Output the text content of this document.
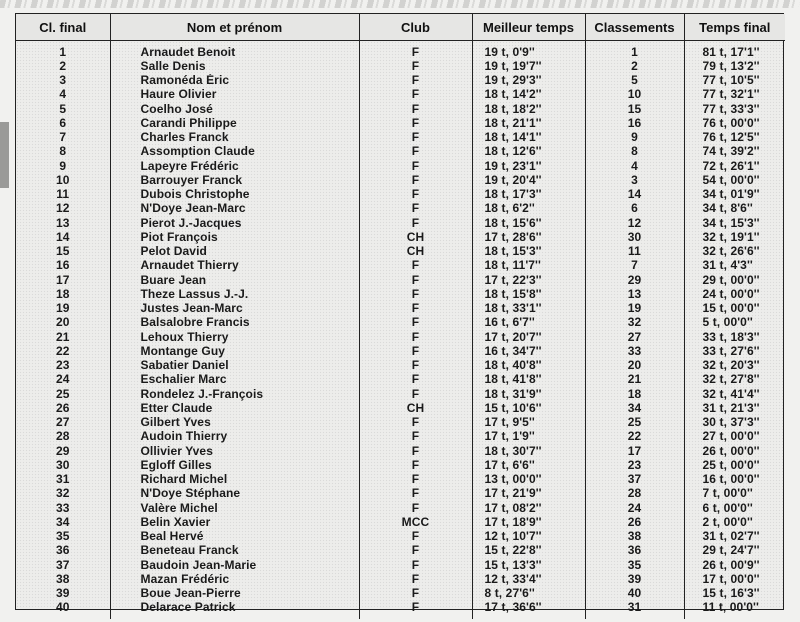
Cl. final	Nom et prénom	Club	Meilleur temps	Classements	Temps final
1	Arnaudet Benoit	F	19 t, 0'9''	1	81 t, 17'1''
2	Salle Denis	F	19 t, 19'7''	2	79 t, 13'2''
3	Ramonéda Éric	F	19 t, 29'3''	5	77 t, 10'5''
4	Haure Olivier	F	18 t, 14'2''	10	77 t, 32'1''
5	Coelho José	F	18 t, 18'2''	15	77 t, 33'3''
6	Carandi Philippe	F	18 t, 21'1''	16	76 t, 00'0''
7	Charles Franck	F	18 t, 14'1''	9	76 t, 12'5''
8	Assomption Claude	F	18 t, 12'6''	8	74 t, 39'2''
9	Lapeyre Frédéric	F	19 t, 23'1''	4	72 t, 26'1''
10	Barrouyer Franck	F	19 t, 20'4''	3	54 t, 00'0''
11	Dubois Christophe	F	18 t, 17'3''	14	34 t, 01'9''
12	N'Doye Jean-Marc	F	18 t, 6'2''	6	34 t, 8'6''
13	Pierot J.-Jacques	F	18 t, 15'6''	12	34 t, 15'3''
14	Piot François	CH	17 t, 28'6''	30	32 t, 19'1''
15	Pelot David	CH	18 t, 15'3''	11	32 t, 26'6''
16	Arnaudet Thierry	F	18 t, 11'7''	7	31 t, 4'3''
17	Buare Jean	F	17 t, 22'3''	29	29 t, 00'0''
18	Theze Lassus J.-J.	F	18 t, 15'8''	13	24 t, 00'0''
19	Justes Jean-Marc	F	18 t, 33'1''	19	15 t, 00'0''
20	Balsalobre Francis	F	16 t, 6'7''	32	5 t, 00'0''
21	Lehoux Thierry	F	17 t, 20'7''	27	33 t, 18'3''
22	Montange Guy	F	16 t, 34'7''	33	33 t, 27'6''
23	Sabatier Daniel	F	18 t, 40'8''	20	32 t, 20'3''
24	Eschalier Marc	F	18 t, 41'8''	21	32 t, 27'8''
25	Rondelez J.-François	F	18 t, 31'9''	18	32 t, 41'4''
26	Etter Claude	CH	15 t, 10'6''	34	31 t, 21'3''
27	Gilbert Yves	F	17 t, 9'5''	25	30 t, 37'3''
28	Audoin Thierry	F	17 t, 1'9''	22	27 t, 00'0''
29	Ollivier Yves	F	18 t, 30'7''	17	26 t, 00'0''
30	Egloff Gilles	F	17 t, 6'6''	23	25 t, 00'0''
31	Richard Michel	F	13 t, 00'0''	37	16 t, 00'0''
32	N'Doye Stéphane	F	17 t, 21'9''	28	7 t, 00'0''
33	Valère Michel	F	17 t, 08'2''	24	6 t, 00'0''
34	Belin Xavier	MCC	17 t, 18'9''	26	2 t, 00'0''
35	Beal Hervé	F	12 t, 10'7''	38	31 t, 02'7''
36	Beneteau Franck	F	15 t, 22'8''	36	29 t, 24'7''
37	Baudoin Jean-Marie	F	15 t, 13'3''	35	26 t, 00'9''
38	Mazan Frédéric	F	12 t, 33'4''	39	17 t, 00'0''
39	Boue Jean-Pierre	F	8 t, 27'6''	40	15 t, 16'3''
40	Delarace Patrick	F	17 t, 36'6''	31	11 t, 00'0''
